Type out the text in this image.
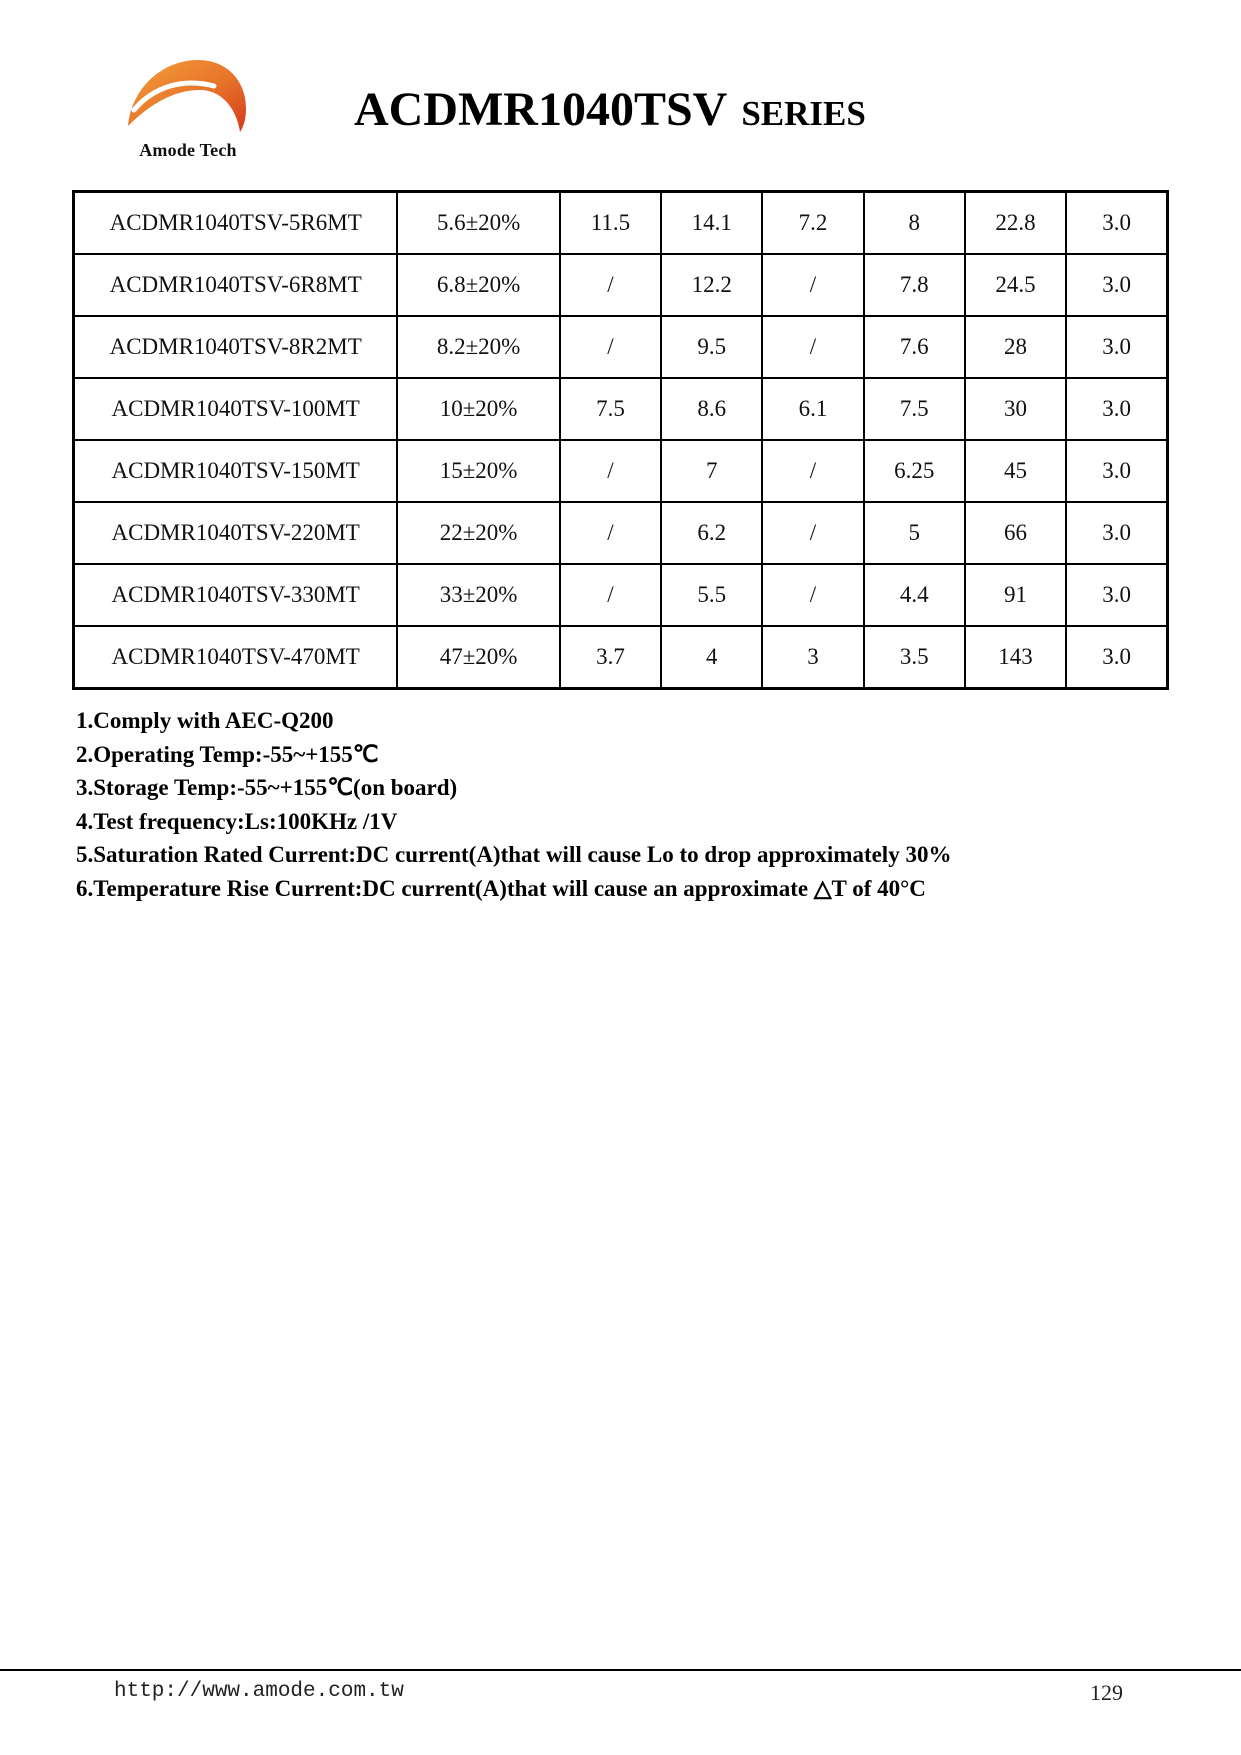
Amode Tech
ACDMR1040TSV SERIES
ACDMR1040TSV-5R6MT	5.6±20%	11.5	14.1	7.2	8	22.8	3.0
ACDMR1040TSV-6R8MT	6.8±20%	/	12.2	/	7.8	24.5	3.0
ACDMR1040TSV-8R2MT	8.2±20%	/	9.5	/	7.6	28	3.0
ACDMR1040TSV-100MT	10±20%	7.5	8.6	6.1	7.5	30	3.0
ACDMR1040TSV-150MT	15±20%	/	7	/	6.25	45	3.0
ACDMR1040TSV-220MT	22±20%	/	6.2	/	5	66	3.0
ACDMR1040TSV-330MT	33±20%	/	5.5	/	4.4	91	3.0
ACDMR1040TSV-470MT	47±20%	3.7	4	3	3.5	143	3.0
1.Comply with AEC-Q200
2.Operating Temp:-55~+155℃
3.Storage Temp:-55~+155℃(on board)
4.Test frequency:Ls:100KHz /1V
5.Saturation Rated Current:DC current(A)that will cause Lo to drop approximately 30%
6.Temperature Rise Current:DC current(A)that will cause an approximate △T of 40°C
http://www.amode.com.tw	129
